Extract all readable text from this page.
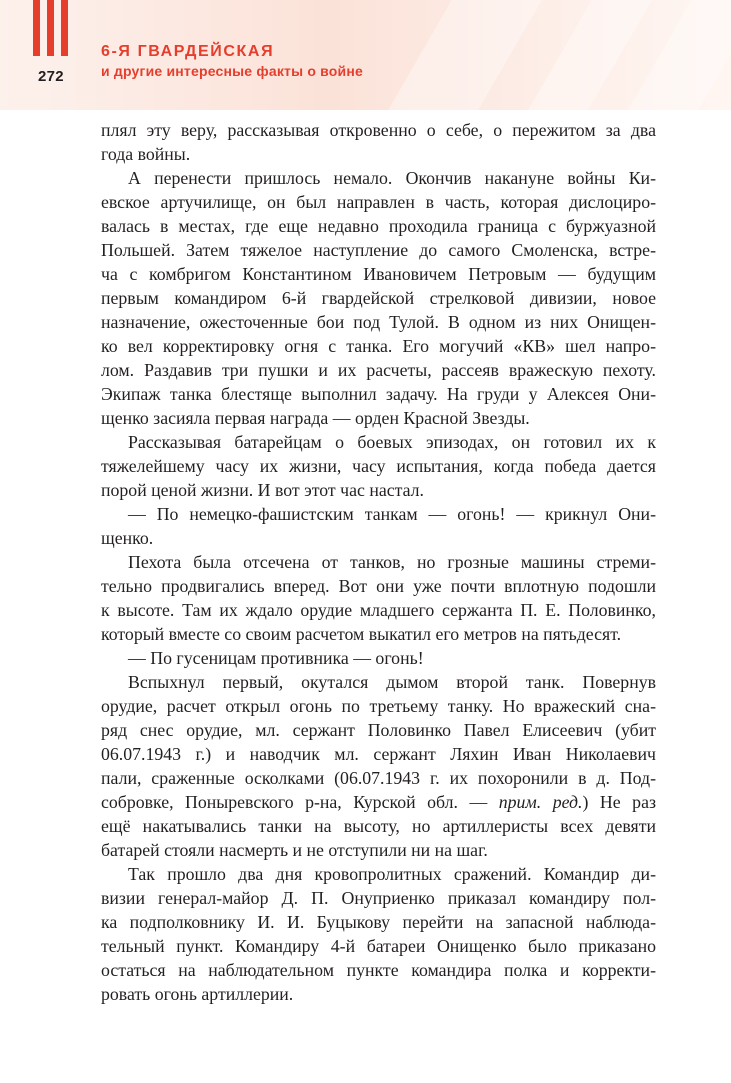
272
6-Я ГВАРДЕЙСКАЯ
и другие интересные факты о войне

плял эту веру, рассказывая откровенно о себе, о пережитом за два

года войны.

А перенести пришлось немало. Окончив накануне войны Ки-

евское артучилище, он был направлен в часть, которая дислоциро-

валась в местах, где еще недавно проходила граница с буржуазной

Польшей. Затем тяжелое наступление до самого Смоленска, встре-

ча с комбригом Константином Ивановичем Петровым — будущим

первым командиром 6-й гвардейской стрелковой дивизии, новое

назначение, ожесточенные бои под Тулой. В одном из них Онищен-

ко вел корректировку огня с танка. Его могучий «КВ» шел напро-

лом. Раздавив три пушки и их расчеты, рассеяв вражескую пехоту.

Экипаж танка блестяще выполнил задачу. На груди у Алексея Они-

щенко засияла первая награда — орден Красной Звезды.

Рассказывая батарейцам о боевых эпизодах, он готовил их к

тяжелейшему часу их жизни, часу испытания, когда победа дается

порой ценой жизни. И вот этот час настал.

— По немецко-фашистским танкам — огонь! — крикнул Они-

щенко.

Пехота была отсечена от танков, но грозные машины стреми-

тельно продвигались вперед. Вот они уже почти вплотную подошли

к высоте. Там их ждало орудие младшего сержанта П. Е. Половинко,

который вместе со своим расчетом выкатил его метров на пятьдесят.

— По гусеницам противника — огонь!

Вспыхнул первый, окутался дымом второй танк. Повернув

орудие, расчет открыл огонь по третьему танку. Но вражеский сна-

ряд снес орудие, мл. сержант Половинко Павел Елисеевич (убит

06.07.1943 г.) и наводчик мл. сержант Ляхин Иван Николаевич

пали, сраженные осколками (06.07.1943 г. их похоронили в д. Под-

собровке, Поныревского р-на, Курской обл. — прим. ред.) Не раз

ещё накатывались танки на высоту, но артиллеристы всех девяти

батарей стояли насмерть и не отступили ни на шаг.

Так прошло два дня кровопролитных сражений. Командир ди-

визии генерал-майор Д. П. Онуприенко приказал командиру пол-

ка подполковнику И. И. Буцыкову перейти на запасной наблюда-

тельный пункт. Командиру 4-й батареи Онищенко было приказано

остаться на наблюдательном пункте командира полка и корректи-

ровать огонь артиллерии.
